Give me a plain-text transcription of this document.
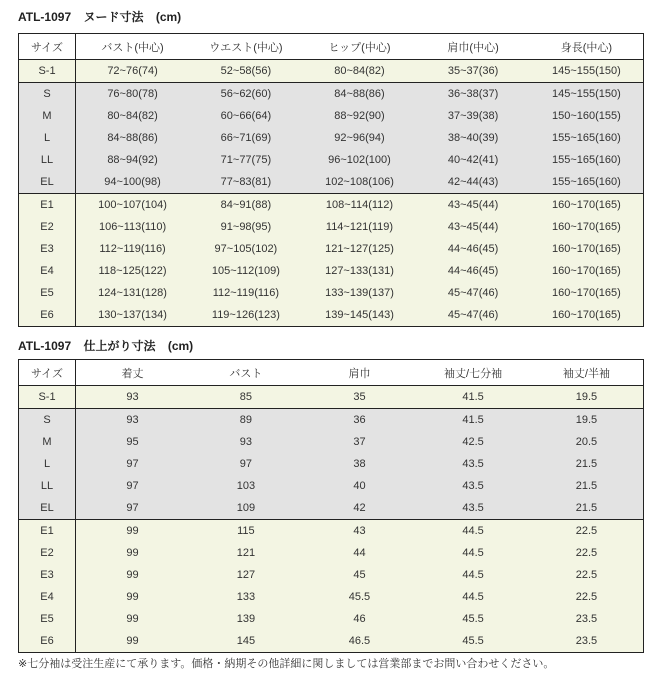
ATL-1097 ヌード寸法 (cm)
サイズ	バスト(中心)	ウエスト(中心)	ヒップ(中心)	肩巾(中心)	身長(中心)
S-1	72~76(74)	52~58(56)	80~84(82)	35~37(36)	145~155(150)
S	76~80(78)	56~62(60)	84~88(86)	36~38(37)	145~155(150)
M	80~84(82)	60~66(64)	88~92(90)	37~39(38)	150~160(155)
L	84~88(86)	66~71(69)	92~96(94)	38~40(39)	155~165(160)
LL	88~94(92)	71~77(75)	96~102(100)	40~42(41)	155~165(160)
EL	94~100(98)	77~83(81)	102~108(106)	42~44(43)	155~165(160)
E1	100~107(104)	84~91(88)	108~114(112)	43~45(44)	160~170(165)
E2	106~113(110)	91~98(95)	114~121(119)	43~45(44)	160~170(165)
E3	112~119(116)	97~105(102)	121~127(125)	44~46(45)	160~170(165)
E4	118~125(122)	105~112(109)	127~133(131)	44~46(45)	160~170(165)
E5	124~131(128)	112~119(116)	133~139(137)	45~47(46)	160~170(165)
E6	130~137(134)	119~126(123)	139~145(143)	45~47(46)	160~170(165)
ATL-1097 仕上がり寸法 (cm)
サイズ	着丈	バスト	肩巾	袖丈/七分袖	袖丈/半袖
S-1	93	85	35	41.5	19.5
S	93	89	36	41.5	19.5
M	95	93	37	42.5	20.5
L	97	97	38	43.5	21.5
LL	97	103	40	43.5	21.5
EL	97	109	42	43.5	21.5
E1	99	115	43	44.5	22.5
E2	99	121	44	44.5	22.5
E3	99	127	45	44.5	22.5
E4	99	133	45.5	44.5	22.5
E5	99	139	46	45.5	23.5
E6	99	145	46.5	45.5	23.5
※七分袖は受注生産にて承ります。価格・納期その他詳細に関しましては営業部までお問い合わせください。
